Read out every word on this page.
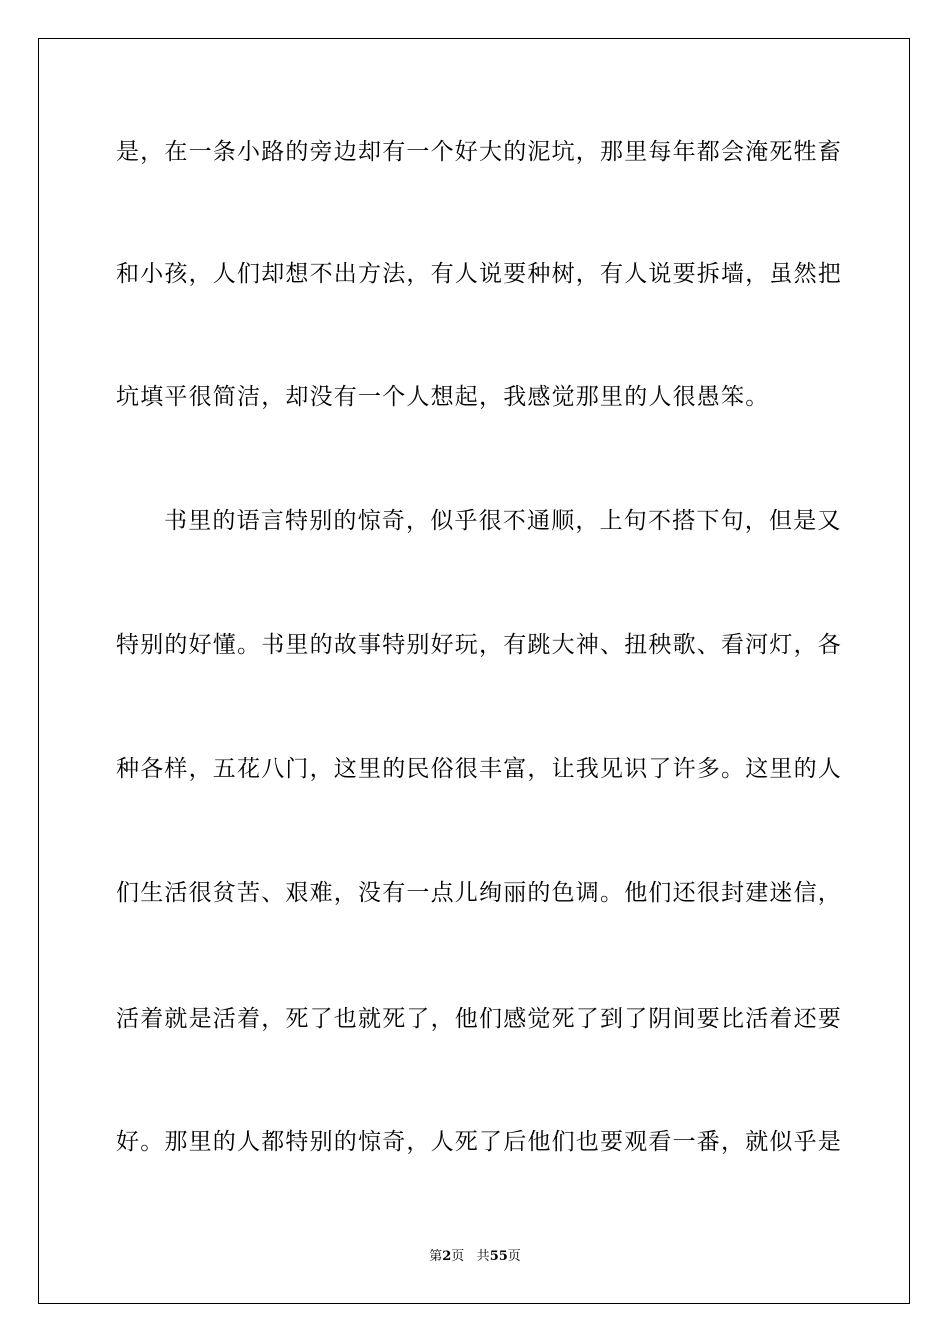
是，在一条小路的旁边却有一个好大的泥坑，那里每年都会淹死牲畜
和小孩，人们却想不出方法，有人说要种树，有人说要拆墙，虽然把
坑填平很简洁，却没有一个人想起，我感觉那里的人很愚笨。
书里的语言特别的惊奇，似乎很不通顺，上句不搭下句，但是又
特别的好懂。书里的故事特别好玩，有跳大神、扭秧歌、看河灯，各
种各样，五花八门，这里的民俗很丰富，让我见识了许多。这里的人
们生活很贫苦、艰难，没有一点儿绚丽的色调。他们还很封建迷信，
活着就是活着，死了也就死了，他们感觉死了到了阴间要比活着还要
好。那里的人都特别的惊奇，人死了后他们也要观看一番，就似乎是
第2页 共55页
